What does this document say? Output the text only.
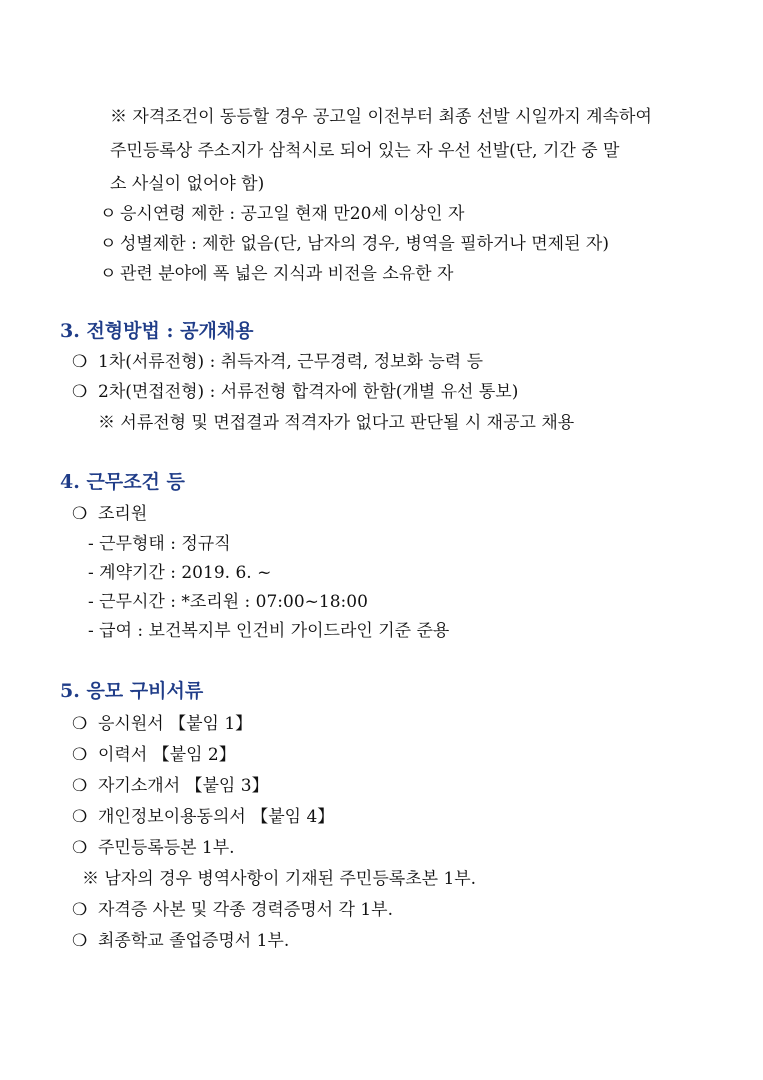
※ 자격조건이 동등할 경우 공고일 이전부터 최종 선발 시일까지 계속하여
주민등록상 주소지가 삼척시로 되어 있는 자 우선 선발(단, 기간 중 말
소 사실이 없어야 함)
ㅇ 응시연령 제한 : 공고일 현재 만20세 이상인 자
ㅇ 성별제한 : 제한 없음(단, 남자의 경우, 병역을 필하거나 면제된 자)
ㅇ 관련 분야에 폭 넓은 지식과 비전을 소유한 자
3. 전형방법 : 공개채용
❍ 1차(서류전형) : 취득자격, 근무경력, 정보화 능력 등
❍ 2차(면접전형) : 서류전형 합격자에 한함(개별 유선 통보)
※ 서류전형 및 면접결과 적격자가 없다고 판단될 시 재공고 채용
4. 근무조건 등
❍ 조리원
- 근무형태 : 정규직
- 계약기간 : 2019. 6. ~
- 근무시간 : *조리원 : 07:00~18:00
- 급여 : 보건복지부 인건비 가이드라인 기준 준용
5. 응모 구비서류
❍ 응시원서 【붙임 1】
❍ 이력서 【붙임 2】
❍ 자기소개서 【붙임 3】
❍ 개인정보이용동의서 【붙임 4】
❍ 주민등록등본 1부.
※ 남자의 경우 병역사항이 기재된 주민등록초본 1부.
❍ 자격증 사본 및 각종 경력증명서 각 1부.
❍ 최종학교 졸업증명서 1부.
